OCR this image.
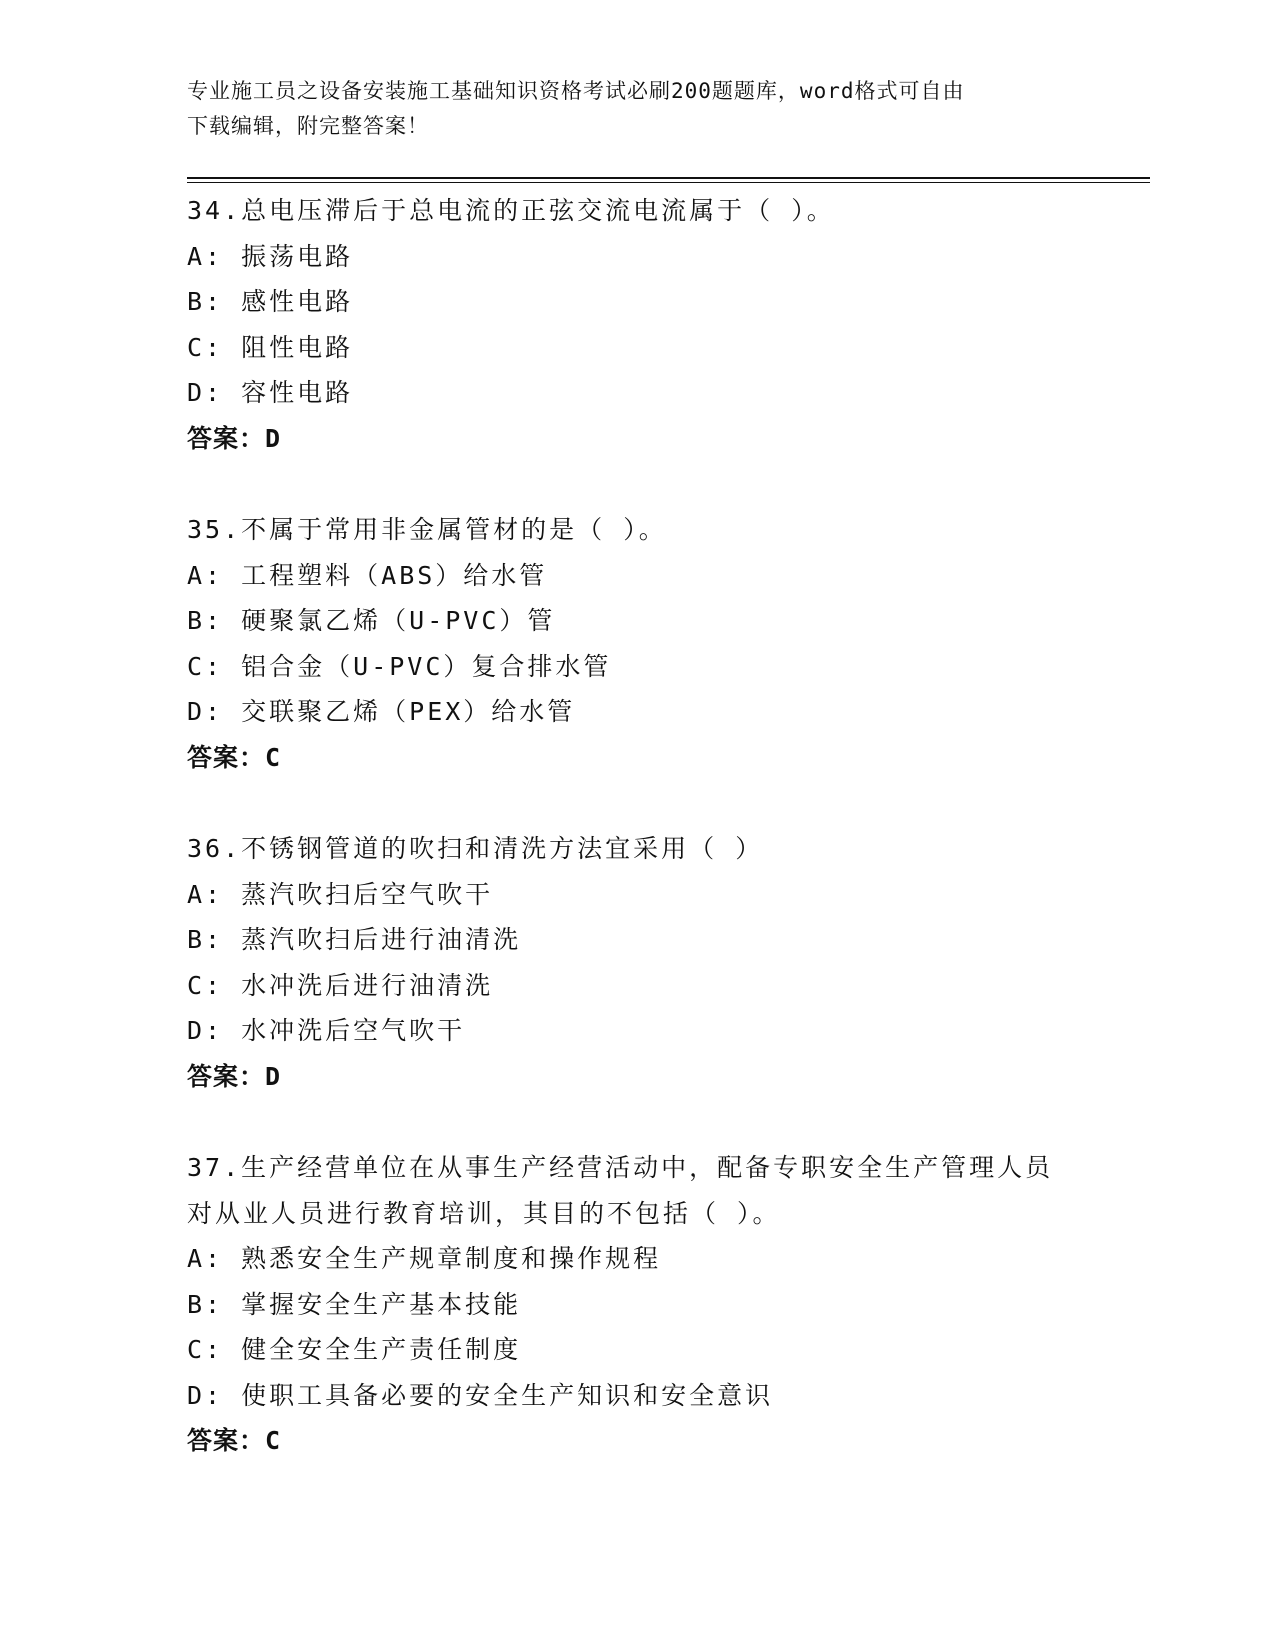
专业施工员之设备安装施工基础知识资格考试必刷200题题库，word格式可自由
下载编辑，附完整答案！
34.总电压滞后于总电流的正弦交流电流属于（ ）。
A: 振荡电路
B: 感性电路
C: 阻性电路
D: 容性电路
答案：D
35.不属于常用非金属管材的是（ ）。
A: 工程塑料（ABS）给水管
B: 硬聚氯乙烯（U-PVC）管
C: 铝合金（U-PVC）复合排水管
D: 交联聚乙烯（PEX）给水管
答案：C
36.不锈钢管道的吹扫和清洗方法宜采用（ ）
A: 蒸汽吹扫后空气吹干
B: 蒸汽吹扫后进行油清洗
C: 水冲洗后进行油清洗
D: 水冲洗后空气吹干
答案：D
37.生产经营单位在从事生产经营活动中，配备专职安全生产管理人员
对从业人员进行教育培训，其目的不包括（ ）。
A: 熟悉安全生产规章制度和操作规程
B: 掌握安全生产基本技能
C: 健全安全生产责任制度
D: 使职工具备必要的安全生产知识和安全意识
答案：C
